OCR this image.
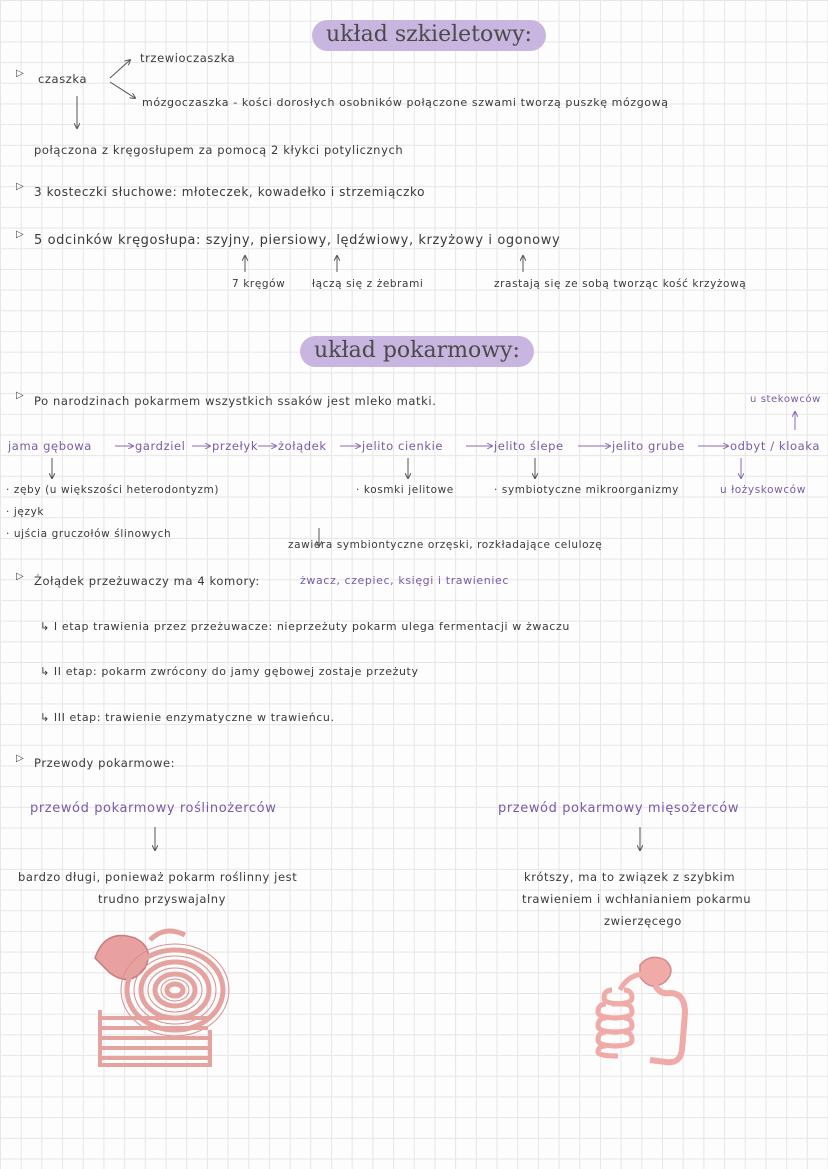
układ szkieletowy:
▷ czaszka
trzewioczaszka
mózgoczaszka - kości dorosłych osobników połączone szwami tworzą puszkę mózgową
połączona z kręgosłupem za pomocą 2 kłykci potylicznych
▷ 3 kosteczki słuchowe: młoteczek, kowadełko i strzemiączko
▷ 5 odcinków kręgosłupa: szyjny, piersiowy, lędźwiowy, krzyżowy i ogonowy
7 kręgów	łączą się z żebrami	zrastają się ze sobą tworząc kość krzyżową
układ pokarmowy:
▷ Po narodzinach pokarmem wszystkich ssaków jest mleko matki.	u stekowców
jama gębowa	gardziel przełyk żołądek	jelito cienkie	jelito ślepe	jelito grube	odbyt / kloaka
· zęby (u większości heterodontyzm)
· język
· ujścia gruczołów ślinowych
· kosmki jelitowe	· symbiotyczne mikroorganizmy	u łożyskowców
zawiera symbiontyczne orzęski, rozkładające celulozę
▷ Żołądek przeżuwaczy ma 4 komory:	żwacz, czepiec, księgi i trawieniec
↳ I etap trawienia przez przeżuwacze: nieprzeżuty pokarm ulega fermentacji w żwaczu
↳ II etap: pokarm zwrócony do jamy gębowej zostaje przeżuty
↳ III etap: trawienie enzymatyczne w trawieńcu.
▷ Przewody pokarmowe:
przewód pokarmowy roślinożerców	przewód pokarmowy mięsożerców
bardzo długi, ponieważ pokarm roślinny jest
trudno przyswajalny
krótszy, ma to związek z szybkim
trawieniem i wchłanianiem pokarmu
zwierzęcego
